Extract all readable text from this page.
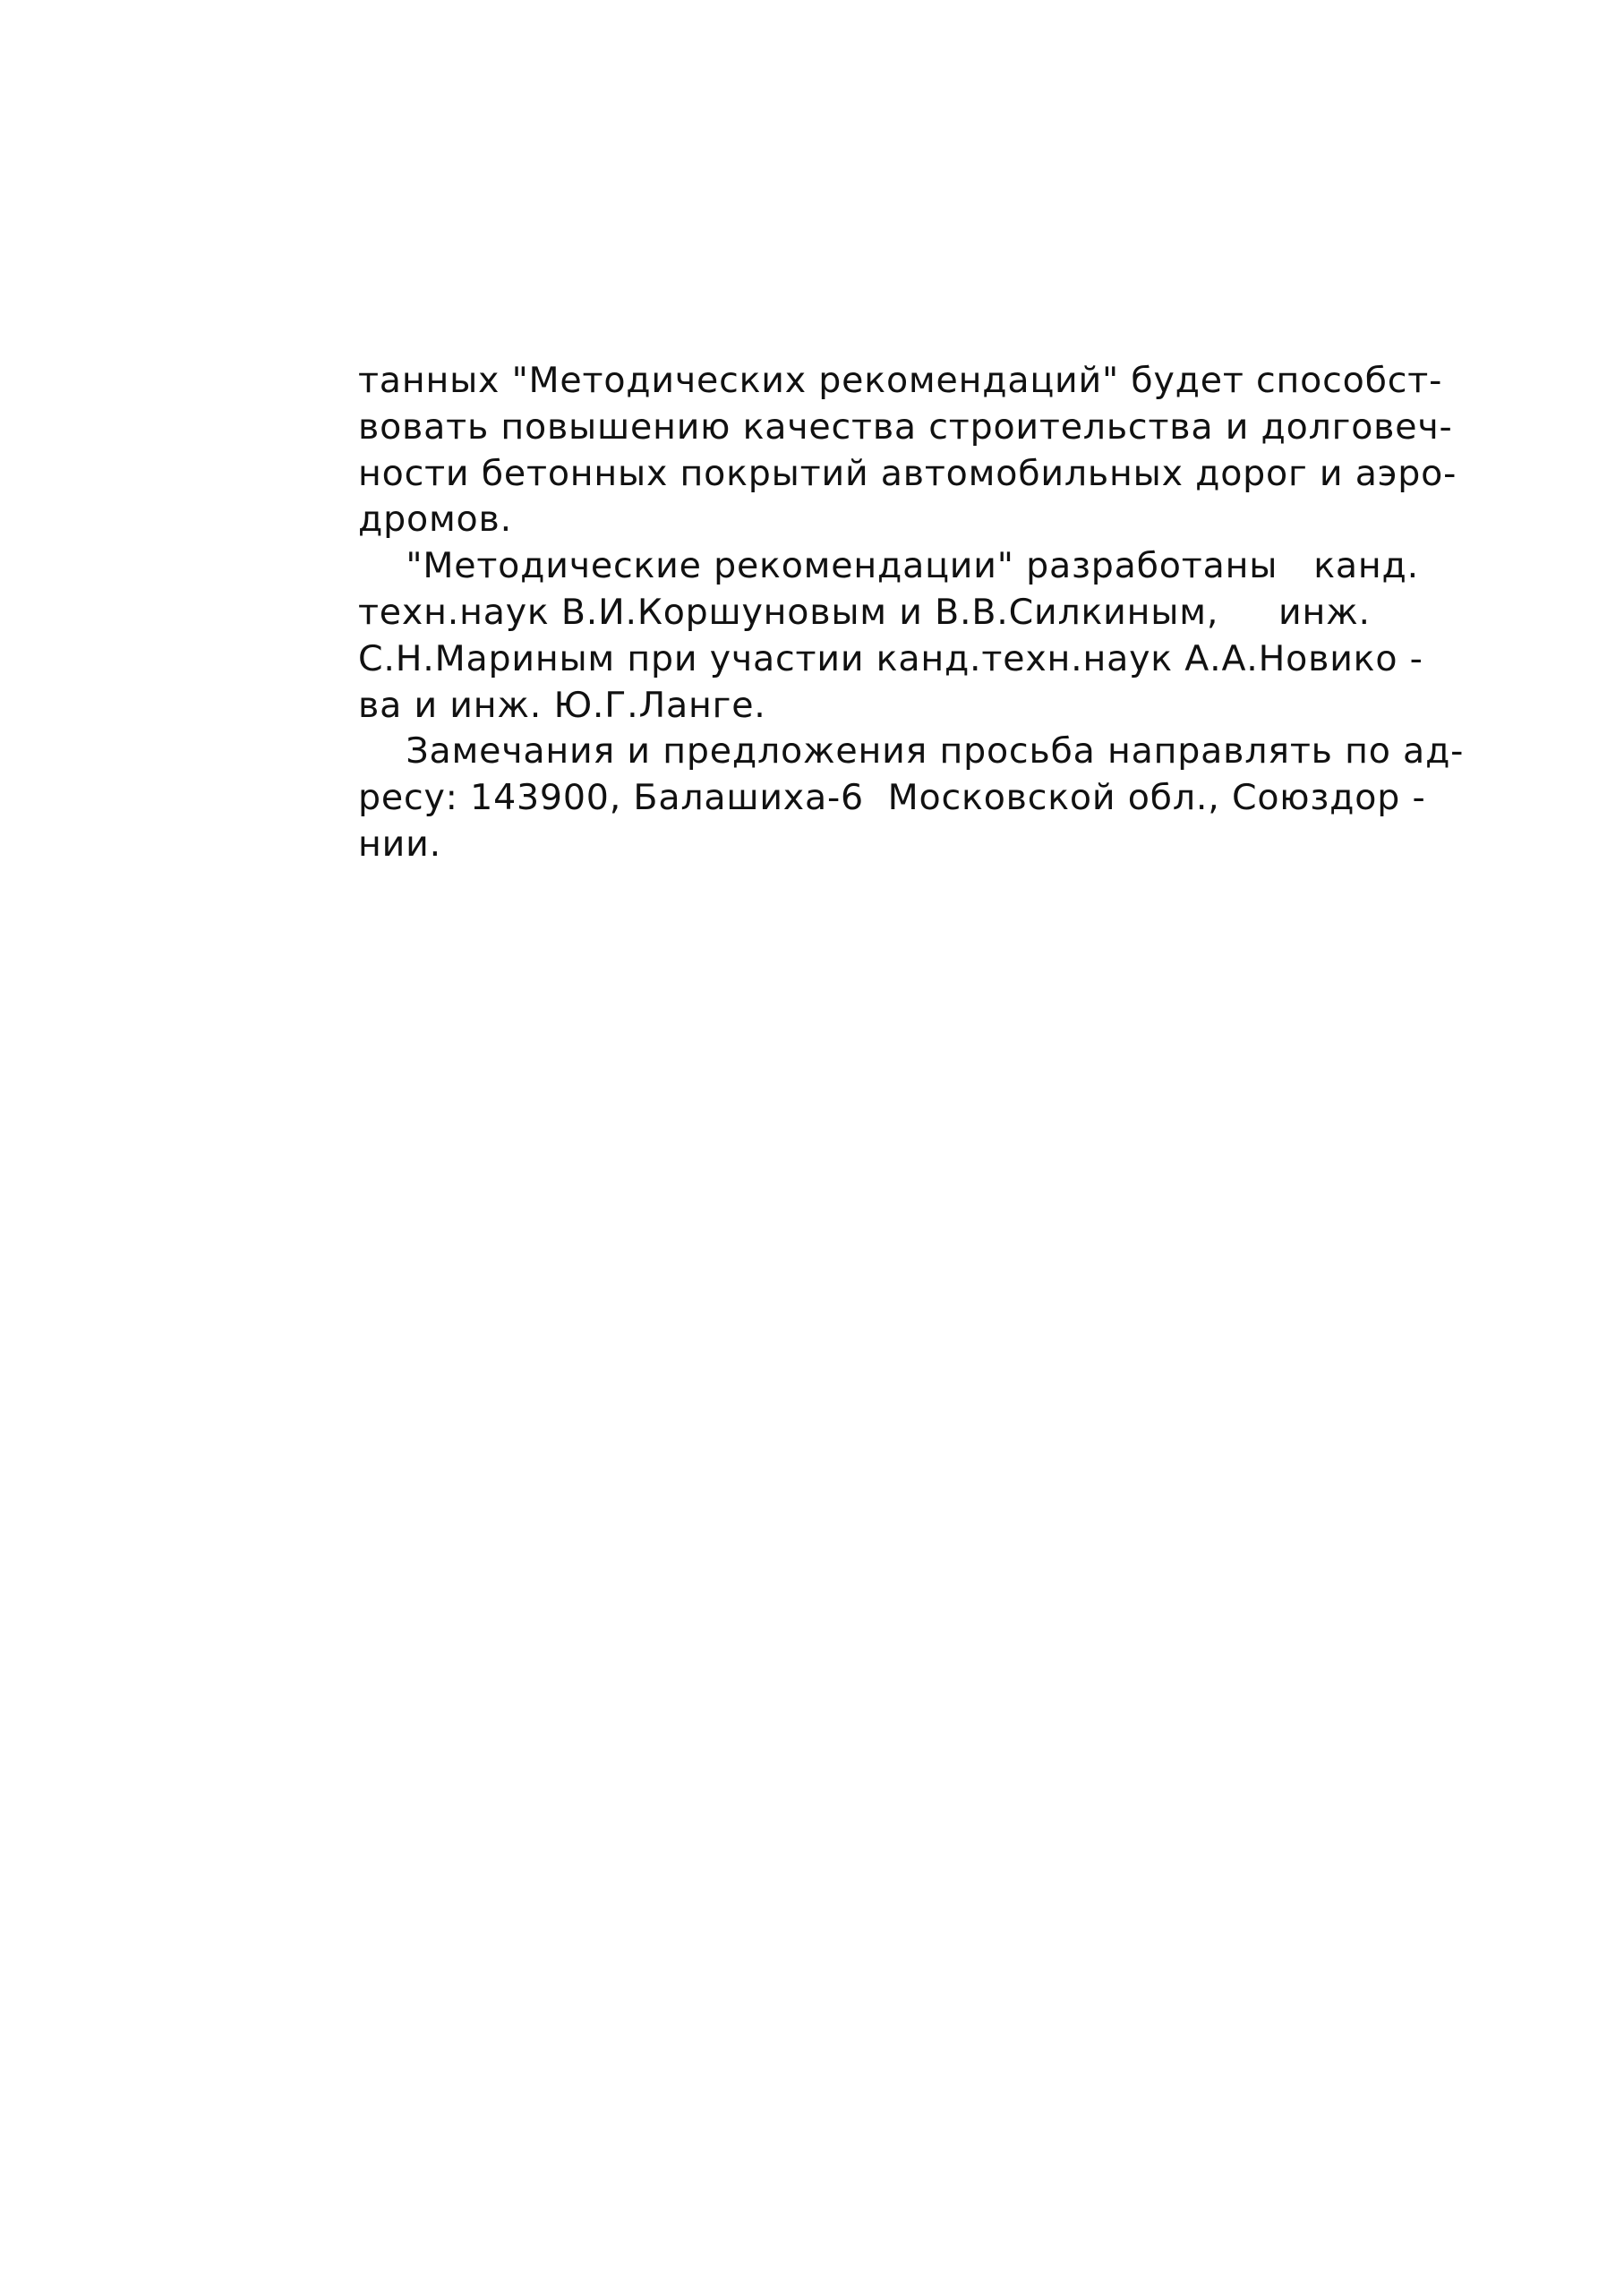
танных "Методических рекомендаций" будет способст-
вовать повышению качества строительства и долговеч-
ности бетонных покрытий автомобильных дорог и аэро-
дромов.
"Методические рекомендации" разработаны   канд.
техн.наук В.И.Коршуновым и В.В.Силкиным,     инж.
С.Н.Мариным при участии канд.техн.наук А.А.Новико -
ва и инж. Ю.Г.Ланге.
Замечания и предложения просьба направлять по ад-
ресу: 143900, Балашиха-6  Московской обл., Союздор -
нии.
